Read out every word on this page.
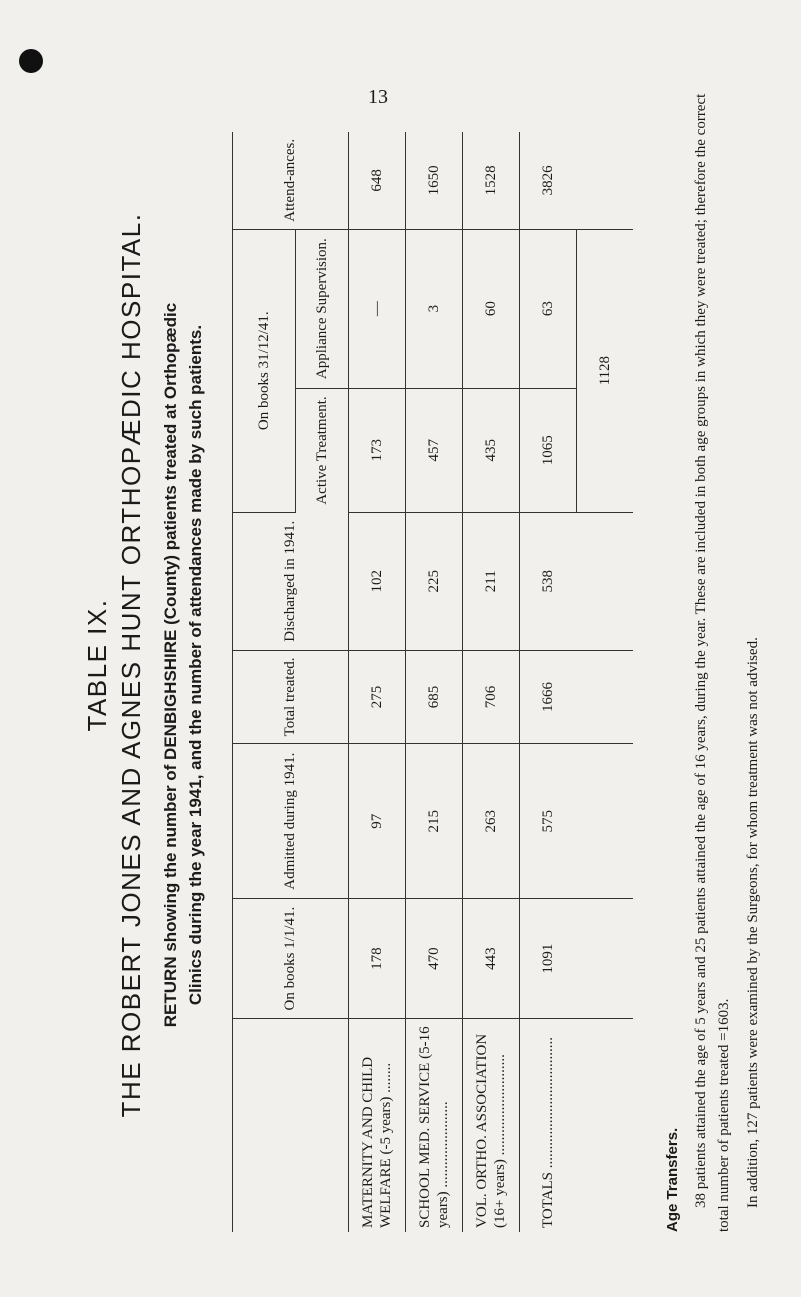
13
TABLE IX. THE ROBERT JONES AND AGNES HUNT ORTHOPÆDIC HOSPITAL. RETURN showing the number of DENBIGHSHIRE (County) patients treated at Orthopædic Clinics during the year 1941, and the number of attendances made by such patients.
		On books 1/1/41.	Admitted during 1941.	Total treated.	Discharged in 1941.	On books 31/12/41.		Attend-ances.
					Active Treatment.	Appliance Supervision.	
MATERNITY AND CHILD WELFARE (-5 years) ........	178	97	275	102	173	—	648
SCHOOL MED. SERVICE (5-16 years) .......................	470	215	685	225	457	3	1650
VOL. ORTHO. ASSOCIATION (16+ years) ...........................	443	263	706	211	435	60	1528
TOTALS ...................................	1091	575	1666	538	1065	63	3826
					1128		
Age Transfers. 38 patients attained the age of 5 years and 25 patients attained the age of 16 years, during the year. These are included in both age groups in which they were treated; therefore the correct total number of patients treated =1603. In addition, 127 patients were examined by the Surgeons, for whom treatment was not advised.
